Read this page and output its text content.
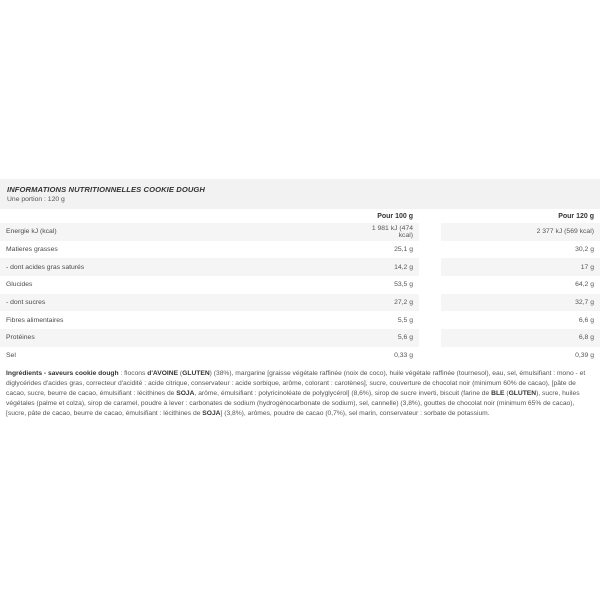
INFORMATIONS NUTRITIONNELLES COOKIE DOUGH
Une portion : 120 g
	Pour 100 g		Pour 120 g
Energie kJ (kcal)	1 981 kJ (474 kcal)		2 377 kJ (569 kcal)
Matieres grasses	25,1 g		30,2 g
- dont acides gras saturés	14,2 g		17 g
Glucides	53,5 g		64,2 g
- dont sucres	27,2 g		32,7 g
Fibres alimentaires	5,5 g		6,6 g
Protéines	5,6 g		6,8 g
Sel	0,33 g		0,39 g
Ingrédients - saveurs cookie dough : flocons d'AVOINE (GLUTEN) (38%), margarine [graisse végétale raffinée (noix de coco), huile végétale raffinée (tournesol), eau, sel, émulsifiant : mono - et diglycérides d'acides gras, correcteur d'acidité : acide citrique, conservateur : acide sorbique, arôme, colorant : carotènes], sucre, couverture de chocolat noir (minimum 60% de cacao), [pâte de cacao, sucre, beurre de cacao, émulsifiant : lécithines de SOJA, arôme, émulsifiant : polyricinoléate de polyglycérol] (8,6%), sirop de sucre inverti, biscuit (farine de BLE (GLUTEN), sucre, huiles végétales (palme et colza), sirop de caramel, poudre à lever : carbonates de sodium (hydrogénocarbonate de sodium), sel, cannelle) (3,8%), gouttes de chocolat noir (minimum 65% de cacao), [sucre, pâte de cacao, beurre de cacao, émulsifiant : lécithines de SOJA] (3,8%), arômes, poudre de cacao (0,7%), sel marin, conservateur : sorbate de potassium.
